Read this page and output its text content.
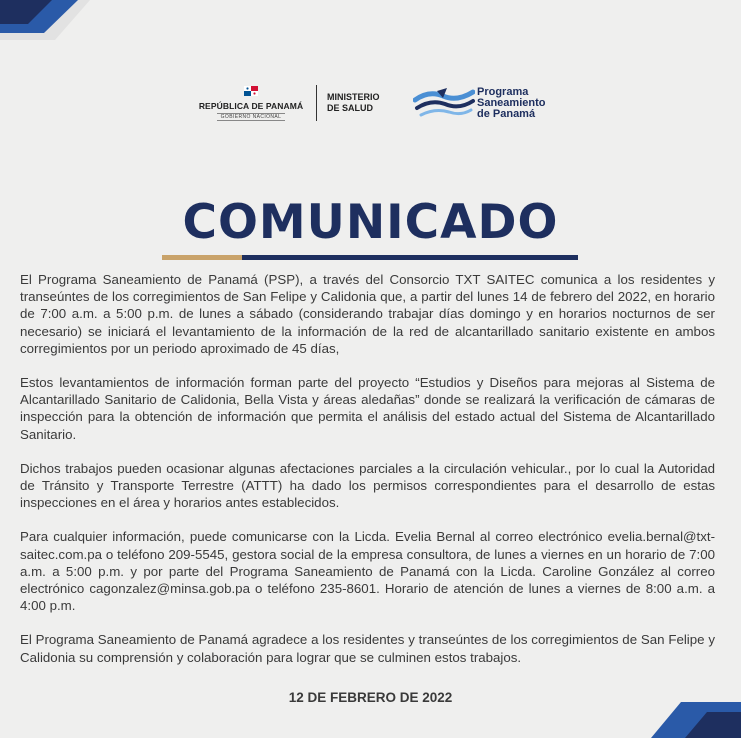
REPÚBLICA DE PANAMÁ
GOBIERNO NACIONAL
MINISTERIO
DE SALUD
Programa
Saneamiento
de Panamá
COMUNICADO

El Programa Saneamiento de Panamá (PSP), a través del Consorcio TXT SAITEC comunica a los residentes y transeúntes de los corregimientos de San Felipe y Calidonia que, a partir del lunes 14 de febrero del 2022, en horario de 7:00 a.m. a 5:00 p.m. de lunes a sábado (considerando trabajar días domingo y en horarios nocturnos de ser necesario) se iniciará el levantamiento de la información de la red de alcantarillado sanitario existente en ambos corregimientos por un periodo aproximado de 45 días,

Estos levantamientos de información forman parte del proyecto “Estudios y Diseños para mejoras al Sistema de Alcantarillado Sanitario de Calidonia, Bella Vista y áreas aledañas” donde se realizará la verificación de cámaras de inspección para la obtención de información que permita el análisis del estado actual del Sistema de Alcantarillado Sanitario.

Dichos trabajos pueden ocasionar algunas afectaciones parciales a la circulación vehicular., por lo cual la Autoridad de Tránsito y Transporte Terrestre (ATTT) ha dado los permisos correspondientes para el desarrollo de estas inspecciones en el área y horarios antes establecidos.

Para cualquier información, puede comunicarse con la Licda. Evelia Bernal al correo electrónico evelia.bernal@txt-saitec.com.pa o teléfono 209-5545, gestora social de la empresa consultora, de lunes a viernes en un horario de 7:00 a.m. a 5:00 p.m. y por parte del Programa Saneamiento de Panamá con la Licda. Caroline González al correo electrónico cagonzalez@minsa.gob.pa o teléfono 235-8601. Horario de atención de lunes a viernes de 8:00 a.m. a 4:00 p.m.

El Programa Saneamiento de Panamá agradece a los residentes y transeúntes de los corregimientos de San Felipe y Calidonia su comprensión y colaboración para lograr que se culminen estos trabajos.

12 DE FEBRERO DE 2022
